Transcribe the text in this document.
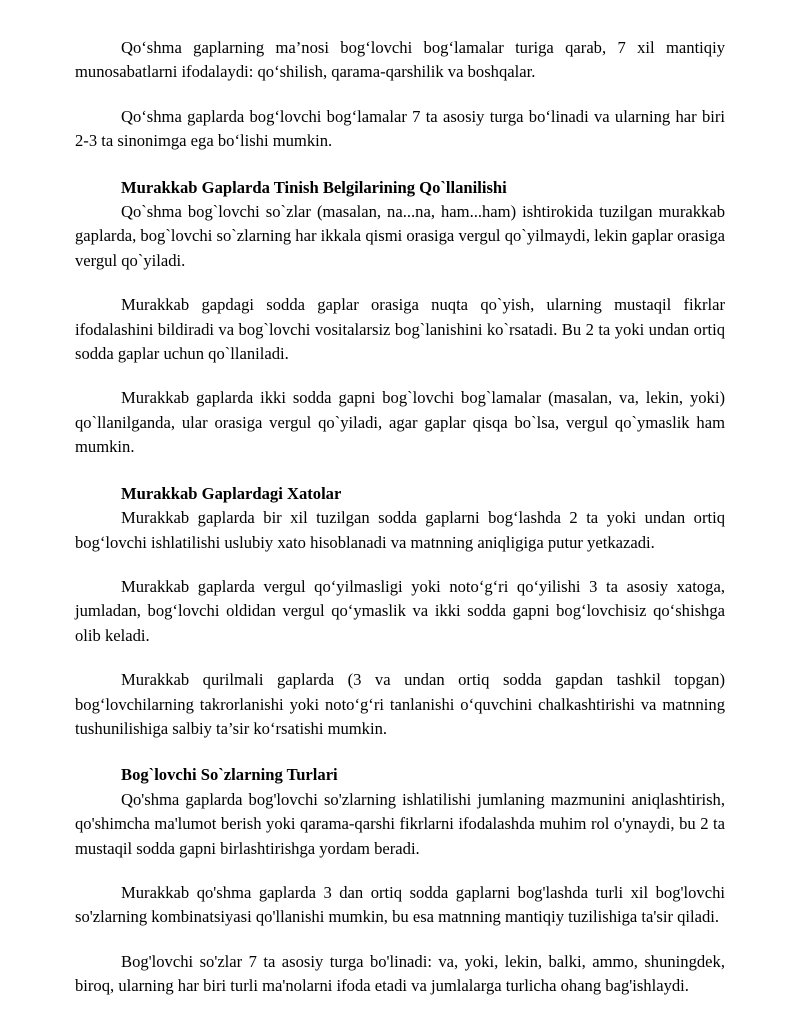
Qo‘shma gaplarning ma’nosi bog‘lovchi bog‘lamalar turiga qarab, 7 xil mantiqiy munosabatlarni ifodalaydi: qo‘shilish, qarama-qarshilik va boshqalar.

Qo‘shma gaplarda bog‘lovchi bog‘lamalar 7 ta asosiy turga bo‘linadi va ularning har biri 2-3 ta sinonimga ega bo‘lishi mumkin.

Murakkab Gaplarda Tinish Belgilarining Qo`llanilishi

Qo`shma bog`lovchi so`zlar (masalan, na...na, ham...ham) ishtirokida tuzilgan murakkab gaplarda, bog`lovchi so`zlarning har ikkala qismi orasiga vergul qo`yilmaydi, lekin gaplar orasiga vergul qo`yiladi.

Murakkab gapdagi sodda gaplar orasiga nuqta qo`yish, ularning mustaqil fikrlar ifodalashini bildiradi va bog`lovchi vositalarsiz bog`lanishini ko`rsatadi. Bu 2 ta yoki undan ortiq sodda gaplar uchun qo`llaniladi.

Murakkab gaplarda ikki sodda gapni bog`lovchi bog`lamalar (masalan, va, lekin, yoki) qo`llanilganda, ular orasiga vergul qo`yiladi, agar gaplar qisqa bo`lsa, vergul qo`ymaslik ham mumkin.

Murakkab Gaplardagi Xatolar

Murakkab gaplarda bir xil tuzilgan sodda gaplarni bog‘lashda 2 ta yoki undan ortiq bog‘lovchi ishlatilishi uslubiy xato hisoblanadi va matnning aniqligiga putur yetkazadi.

Murakkab gaplarda vergul qo‘yilmasligi yoki noto‘g‘ri qo‘yilishi 3 ta asosiy xatoga, jumladan, bog‘lovchi oldidan vergul qo‘ymaslik va ikki sodda gapni bog‘lovchisiz qo‘shishga olib keladi.

Murakkab qurilmali gaplarda (3 va undan ortiq sodda gapdan tashkil topgan) bog‘lovchilarning takrorlanishi yoki noto‘g‘ri tanlanishi o‘quvchini chalkashtirishi va matnning tushunilishiga salbiy ta’sir ko‘rsatishi mumkin.

Bog`lovchi So`zlarning Turlari

Qo'shma gaplarda bog'lovchi so'zlarning ishlatilishi jumlaning mazmunini aniqlashtirish, qo'shimcha ma'lumot berish yoki qarama-qarshi fikrlarni ifodalashda muhim rol o'ynaydi, bu 2 ta mustaqil sodda gapni birlashtirishga yordam beradi.

Murakkab qo'shma gaplarda 3 dan ortiq sodda gaplarni bog'lashda turli xil bog'lovchi so'zlarning kombinatsiyasi qo'llanishi mumkin, bu esa matnning mantiqiy tuzilishiga ta'sir qiladi.

Bog'lovchi so'zlar 7 ta asosiy turga bo'linadi: va, yoki, lekin, balki, ammo, shuningdek, biroq, ularning har biri turli ma'nolarni ifoda etadi va jumlalarga turlicha ohang bag'ishlaydi.
